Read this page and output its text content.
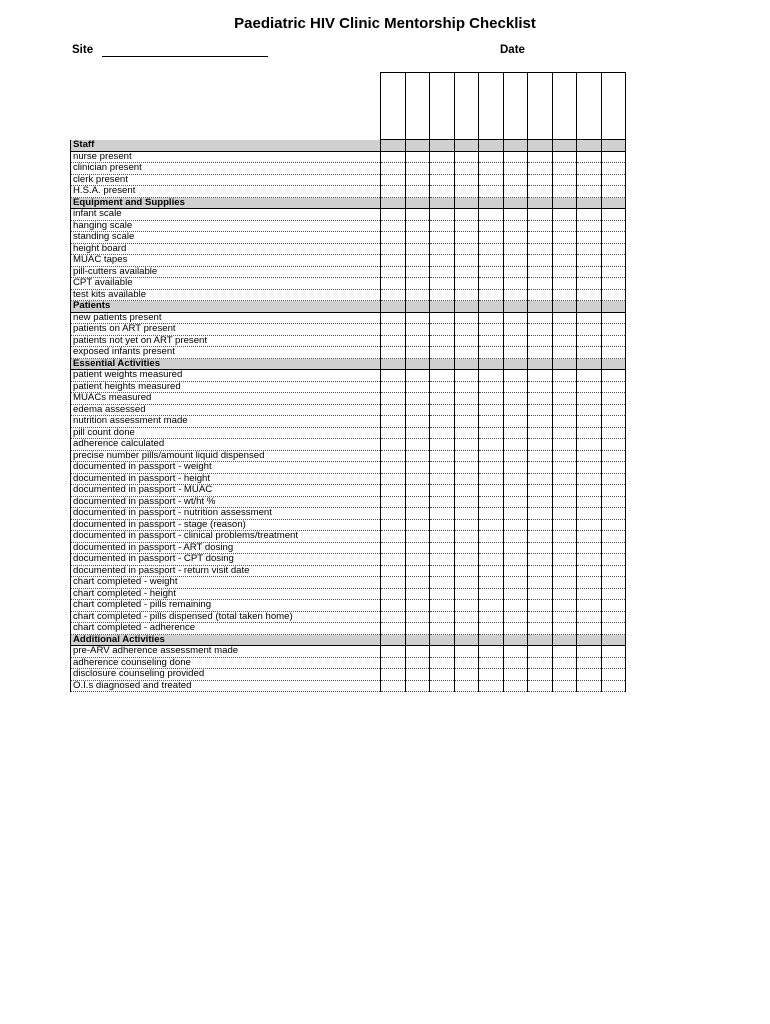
Paediatric HIV Clinic Mentorship Checklist
Site	Date

Staff										
nurse present										
clinician present										
clerk present										
H.S.A. present										
Equipment and Supplies										
infant scale										
hanging scale										
standing scale										
height board										
MUAC tapes										
pill-cutters available										
CPT available										
test kits available										
Patients										
new patients present										
patients on ART present										
patients not yet on ART present										
exposed infants present										
Essential Activities										
patient weights measured										
patient heights measured										
MUACs measured										
edema assessed										
nutrition assessment made										
pill count done										
adherence calculated										
precise number pills/amount liquid dispensed										
documented in passport - weight										
documented in passport - height										
documented in passport - MUAC										
documented in passport - wt/ht %										
documented in passport - nutrition assessment										
documented in passport - stage (reason)										
documented in passport - clinical problems/treatment										
documented in passport - ART dosing										
documented in passport - CPT dosing										
documented in passport - return visit date										
chart completed - weight										
chart completed - height										
chart completed - pills remaining										
chart completed - pills dispensed (total taken home)										
chart completed - adherence										
Additional Activities										
pre-ARV adherence assessment made										
adherence counseling done										
disclosure counseling provided										
O.I.s diagnosed and treated										
